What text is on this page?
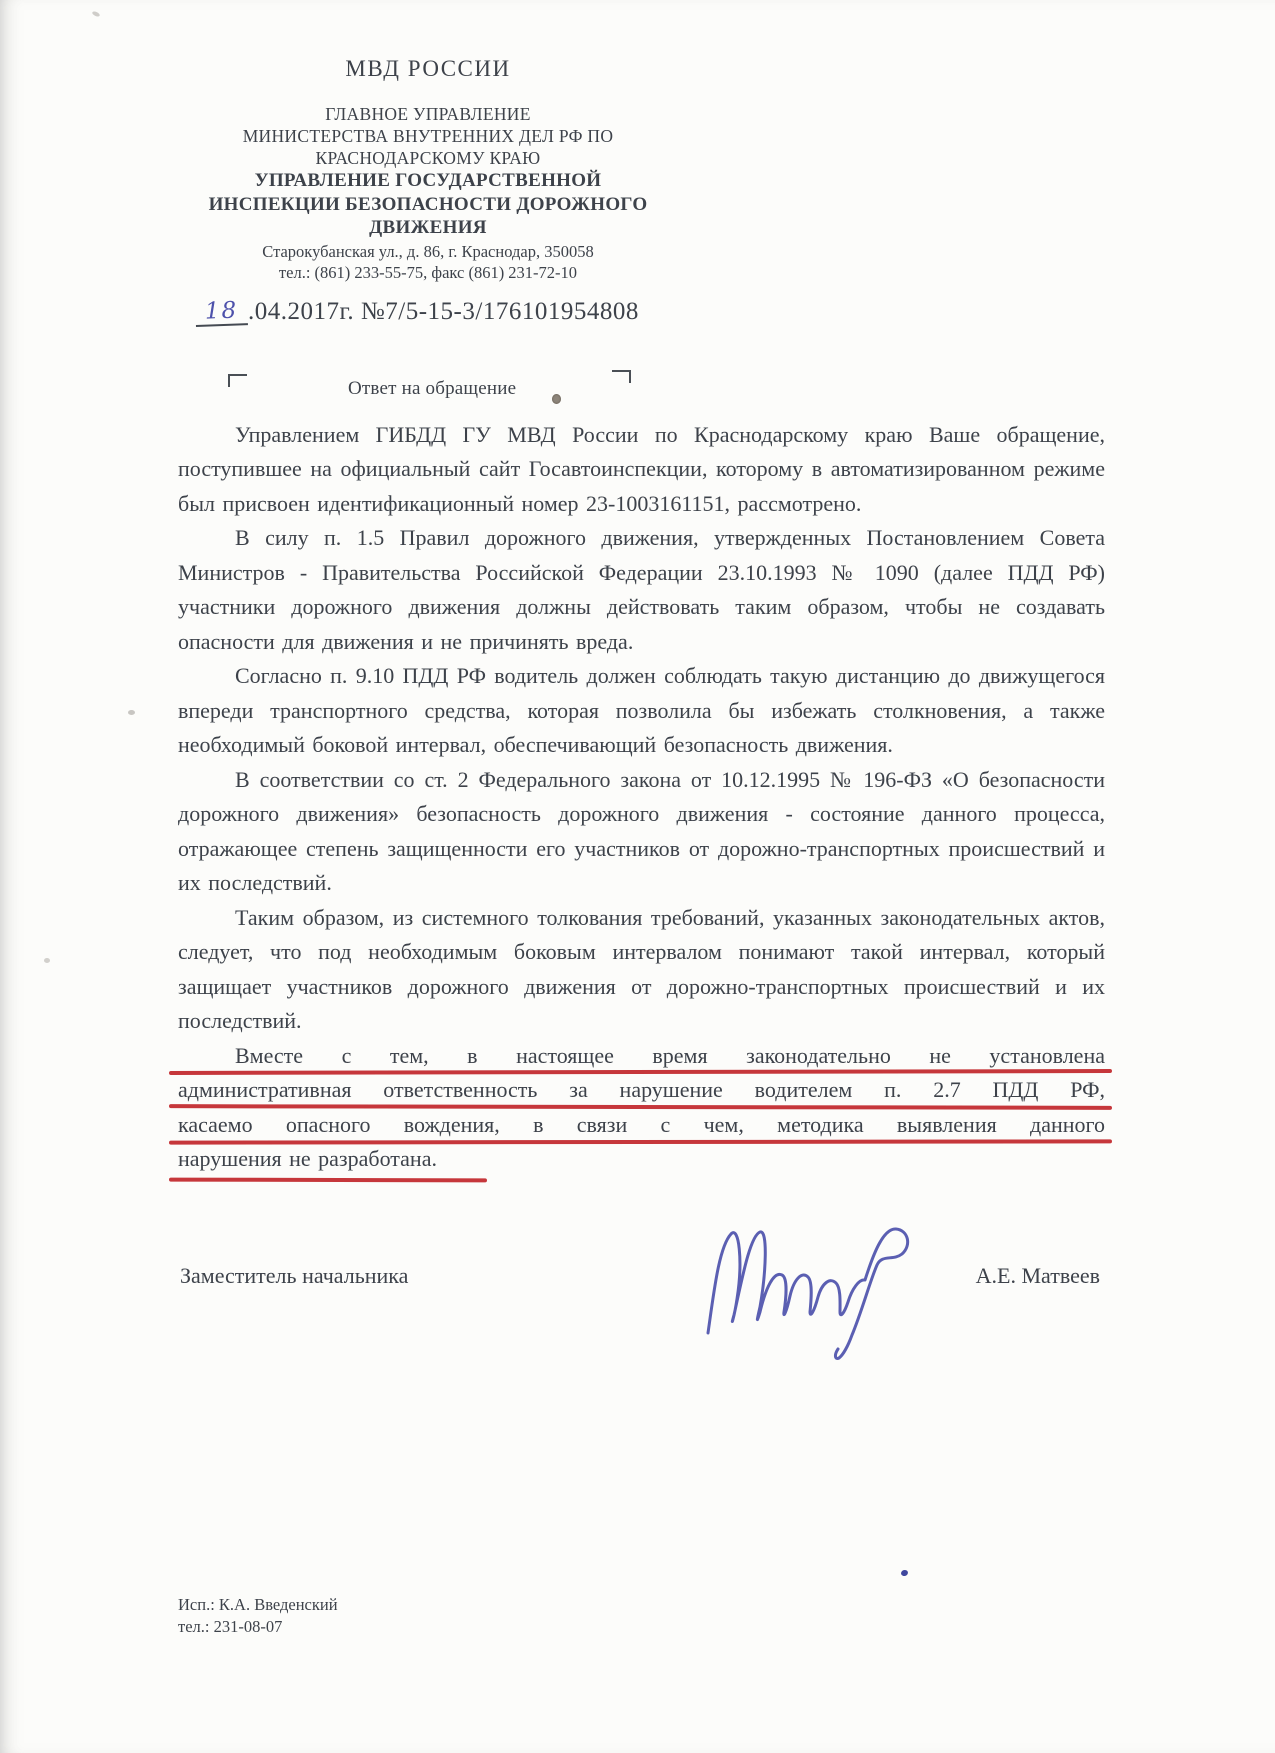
МВД РОССИИ
ГЛАВНОЕ УПРАВЛЕНИЕ
МИНИСТЕРСТВА ВНУТРЕННИХ ДЕЛ РФ ПО
КРАСНОДАРСКОМУ КРАЮ
УПРАВЛЕНИЕ ГОСУДАРСТВЕННОЙ
ИНСПЕКЦИИ БЕЗОПАСНОСТИ ДОРОЖНОГО
ДВИЖЕНИЯ
Старокубанская ул., д. 86, г. Краснодар, 350058
тел.: (861) 233-55-75, факс (861) 231-72-10
18 .04.2017г. №7/5-15-3/176101954808
Ответ на обращение

Управлением ГИБДД ГУ МВД России по Краснодарскому краю Ваше обращение, поступившее на официальный сайт Госавтоинспекции, которому в автоматизированном режиме был присвоен идентификационный номер 23-1003161151, рассмотрено.

В силу п. 1.5 Правил дорожного движения, утвержденных Постановлением Совета Министров - Правительства Российской Федерации 23.10.1993 № 1090 (далее ПДД РФ) участники дорожного движения должны действовать таким образом, чтобы не создавать опасности для движения и не причинять вреда.

Согласно п. 9.10 ПДД РФ водитель должен соблюдать такую дистанцию до движущегося впереди транспортного средства, которая позволила бы избежать столкновения, а также необходимый боковой интервал, обеспечивающий безопасность движения.

В соответствии со ст. 2 Федерального закона от 10.12.1995 № 196-ФЗ «О безопасности дорожного движения» безопасность дорожного движения - состояние данного процесса, отражающее степень защищенности его участников от дорожно-транспортных происшествий и их последствий.

Таким образом, из системного толкования требований, указанных законодательных актов, следует, что под необходимым боковым интервалом понимают такой интервал, который защищает участников дорожного движения от дорожно-транспортных происшествий и их последствий.

Вместе с тем, в настоящее время законодательно не установлена
административная ответственность за нарушение водителем п. 2.7 ПДД РФ,
касаемо опасного вождения, в связи с чем, методика выявления данного
нарушения не разработана.
Заместитель начальника	А.Е. Матвеев
Исп.: К.А. Введенский
тел.: 231-08-07
